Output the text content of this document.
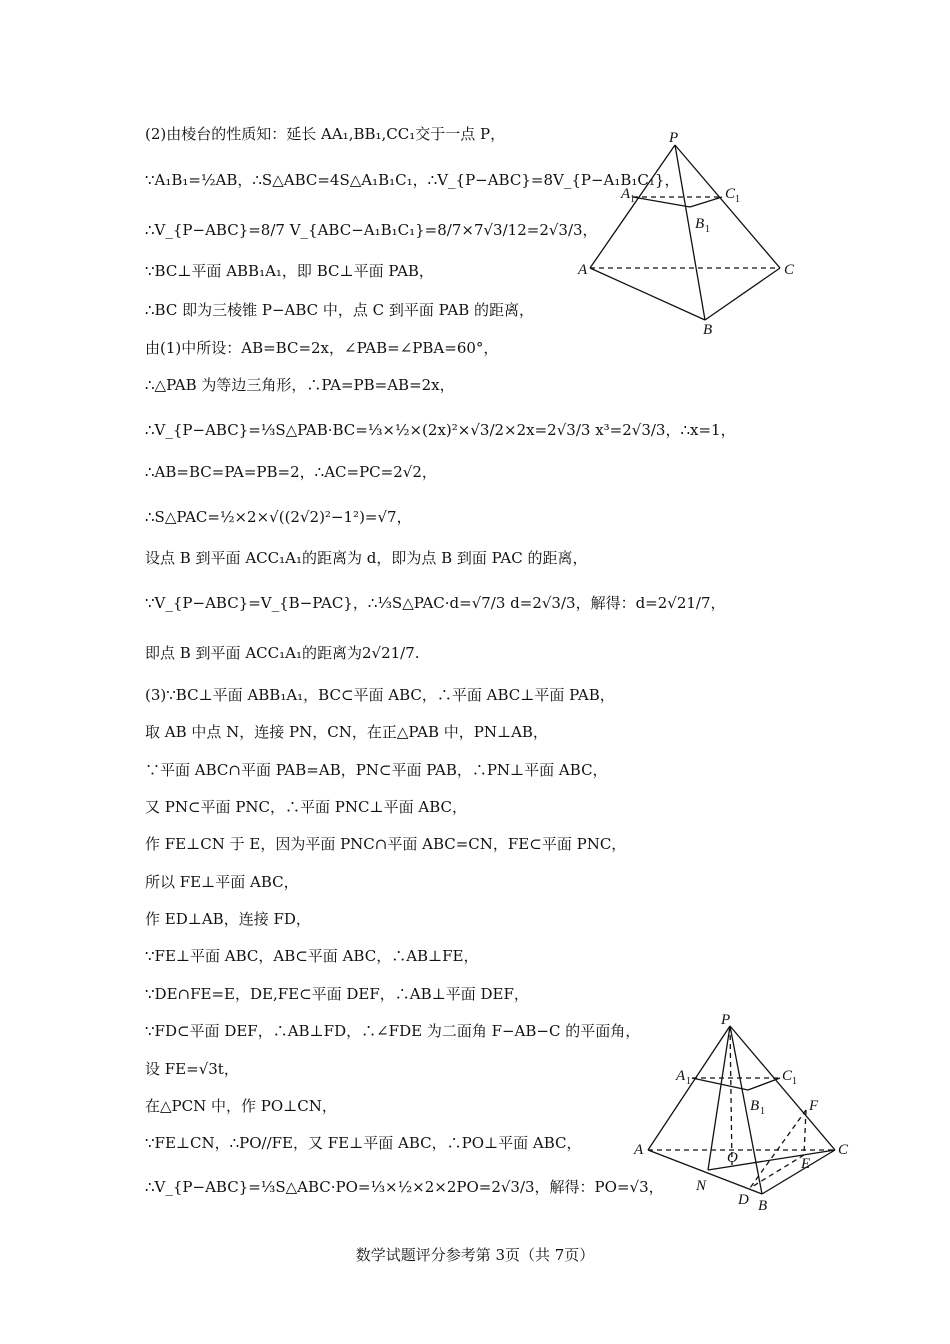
(2)由棱台的性质知：延长 AA₁,BB₁,CC₁交于一点 P，
∵A₁B₁=½AB，∴S△ABC=4S△A₁B₁C₁，∴V_{P−ABC}=8V_{P−A₁B₁C₁}，
∴V_{P−ABC}=8/7 V_{ABC−A₁B₁C₁}=8/7×7√3/12=2√3/3，
∵BC⊥平面 ABB₁A₁，即 BC⊥平面 PAB，
∴BC 即为三棱锥 P−ABC 中，点 C 到平面 PAB 的距离，
由(1)中所设：AB=BC=2x，∠PAB=∠PBA=60°，
∴△PAB 为等边三角形，∴PA=PB=AB=2x，
∴V_{P−ABC}=⅓S△PAB·BC=⅓×½×(2x)²×√3/2×2x=2√3/3 x³=2√3/3，∴x=1，
∴AB=BC=PA=PB=2，∴AC=PC=2√2，
∴S△PAC=½×2×√((2√2)²−1²)=√7，
设点 B 到平面 ACC₁A₁的距离为 d，即为点 B 到面 PAC 的距离，
∵V_{P−ABC}=V_{B−PAC}，∴⅓S△PAC·d=√7/3 d=2√3/3，解得：d=2√21/7，
即点 B 到平面 ACC₁A₁的距离为2√21/7.
(3)∵BC⊥平面 ABB₁A₁，BC⊂平面 ABC，∴平面 ABC⊥平面 PAB，
取 AB 中点 N，连接 PN，CN，在正△PAB 中，PN⊥AB，
∵平面 ABC∩平面 PAB=AB，PN⊂平面 PAB，∴PN⊥平面 ABC，
又 PN⊂平面 PNC，∴平面 PNC⊥平面 ABC，
作 FE⊥CN 于 E，因为平面 PNC∩平面 ABC=CN，FE⊂平面 PNC，
所以 FE⊥平面 ABC，
作 ED⊥AB，连接 FD，
∵FE⊥平面 ABC，AB⊂平面 ABC，∴AB⊥FE，
∵DE∩FE=E，DE,FE⊂平面 DEF，∴AB⊥平面 DEF，
∵FD⊂平面 DEF，∴AB⊥FD，∴∠FDE 为二面角 F−AB−C 的平面角，
设 FE=√3t，
在△PCN 中，作 PO⊥CN，
∵FE⊥CN，∴PO//FE，又 FE⊥平面 ABC，∴PO⊥平面 ABC，
∴V_{P−ABC}=⅓S△ABC·PO=⅓×½×2×2PO=2√3/3，解得：PO=√3，
P
A 1	C 1
B 1
A	C
B
P
A 1	C 1
B 1	F
A	C
O	E
N
D B
数学试题评分参考第 3页（共 7页）
